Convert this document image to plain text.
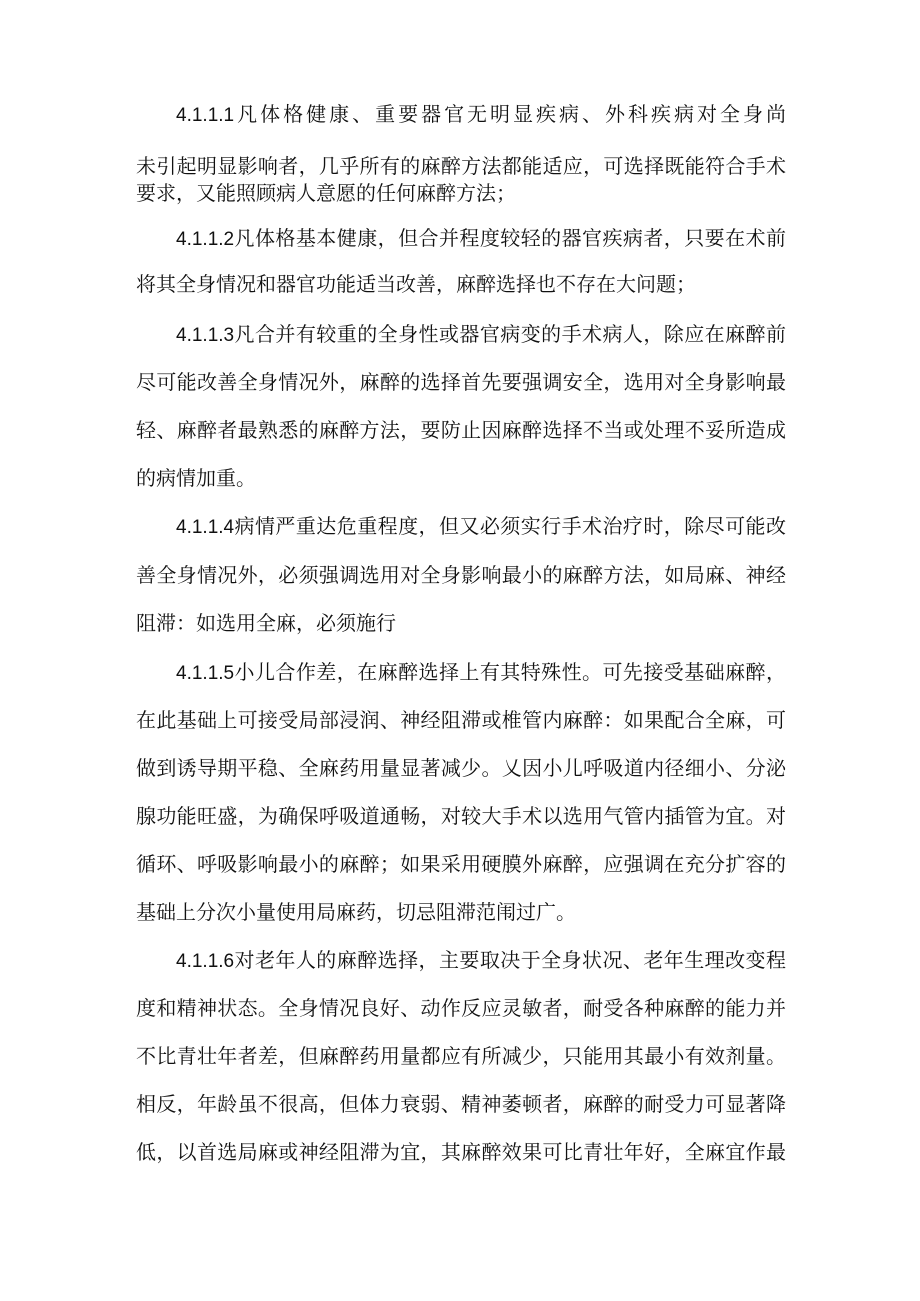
4.1.1.1凡体格健康、重要器官无明显疾病、外科疾病对全身尚
未引起明显影响者，几乎所有的麻醉方法都能适应，可选择既能符合手术
要求，又能照顾病人意愿的任何麻醉方法；
4.1.1.2凡体格基本健康，但合并程度较轻的器官疾病者，只要在术前
将其全身情况和器官功能适当改善，麻醉选择也不存在大问题；
4.1.1.3凡合并有较重的全身性或器官病变的手术病人，除应在麻醉前
尽可能改善全身情况外，麻醉的选择首先要强调安全，选用对全身影响最
轻、麻醉者最熟悉的麻醉方法，要防止因麻醉选择不当或处理不妥所造成
的病情加重。
4.1.1.4病情严重达危重程度，但又必须实行手术治疗时，除尽可能改
善全身情况外，必须强调选用对全身影响最小的麻醉方法，如局麻、神经
阻滞：如选用全麻，必须施行
4.1.1.5小儿合作差，在麻醉选择上有其特殊性。可先接受基础麻醉，
在此基础上可接受局部浸润、神经阻滞或椎管内麻醉：如果配合全麻，可
做到诱导期平稳、全麻药用量显著减少。乂因小儿呼吸道内径细小、分泌
腺功能旺盛，为确保呼吸道通畅，对较大手术以选用气管内插管为宜。对
循环、呼吸影响最小的麻醉；如果采用硬膜外麻醉，应强调在充分扩容的
基础上分次小量使用局麻药，切忌阻滞范闱过广。
4.1.1.6对老年人的麻醉选择，主要取决于全身状况、老年生理改变程
度和精神状态。全身情况良好、动作反应灵敏者，耐受各种麻醉的能力并
不比青壮年者差，但麻醉药用量都应有所减少，只能用其最小有效剂量。
相反，年龄虽不很高，但体力衰弱、精神萎顿者，麻醉的耐受力可显著降
低，以首选局麻或神经阻滞为宜，其麻醉效果可比青壮年好，全麻宜作最
